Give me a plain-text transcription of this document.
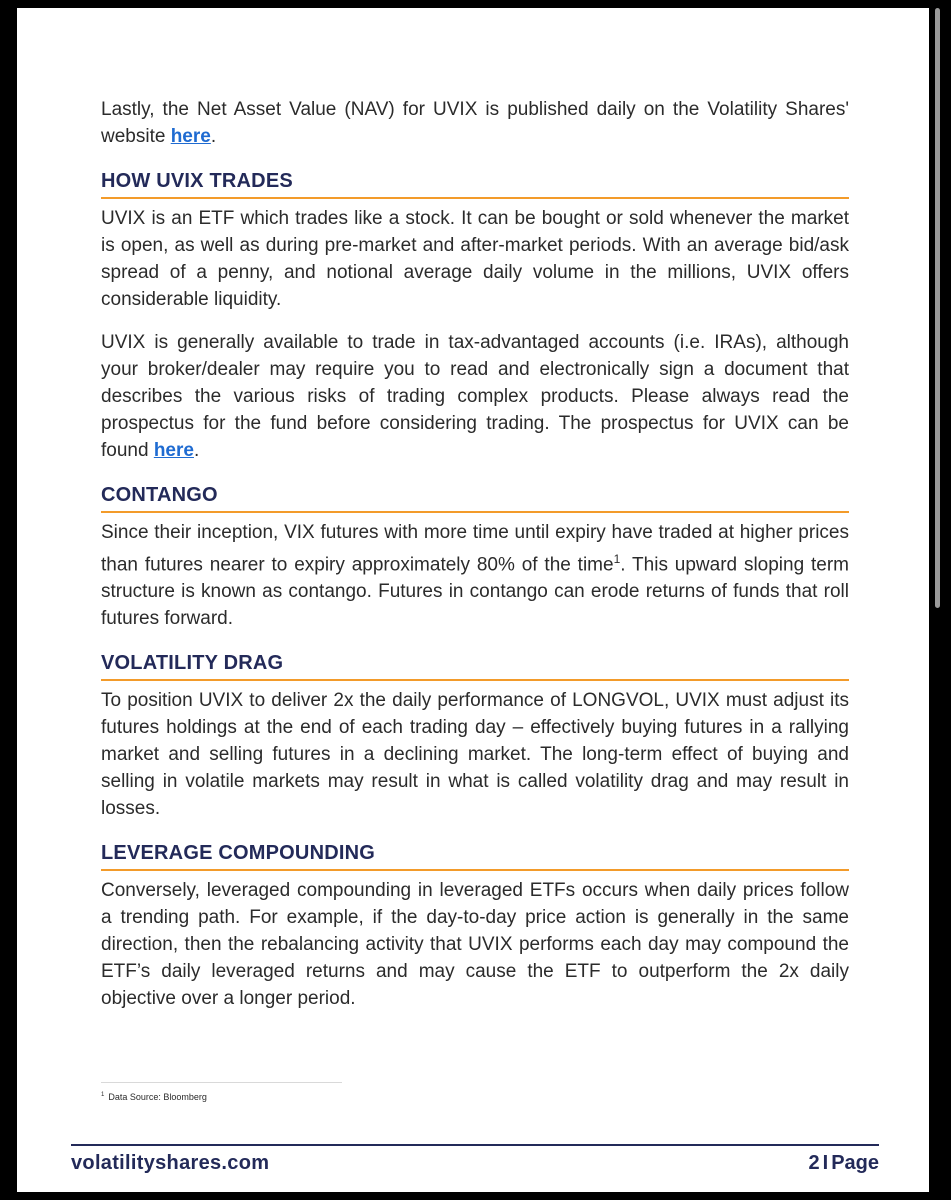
Lastly, the Net Asset Value (NAV) for UVIX is published daily on the Volatility Shares' website here.

HOW UVIX TRADES

UVIX is an ETF which trades like a stock. It can be bought or sold whenever the market is open, as well as during pre-market and after-market periods. With an average bid/ask spread of a penny, and notional average daily volume in the millions, UVIX offers considerable liquidity.

UVIX is generally available to trade in tax-advantaged accounts (i.e. IRAs), although your broker/dealer may require you to read and electronically sign a document that describes the various risks of trading complex products. Please always read the prospectus for the fund before considering trading. The prospectus for UVIX can be found here.

CONTANGO

Since their inception, VIX futures with more time until expiry have traded at higher prices than futures nearer to expiry approximately 80% of the time$^1$. This upward sloping term structure is known as contango. Futures in contango can erode returns of funds that roll futures forward.

VOLATILITY DRAG

To position UVIX to deliver 2x the daily performance of LONGVOL, UVIX must adjust its futures holdings at the end of each trading day – effectively buying futures in a rallying market and selling futures in a declining market. The long-term effect of buying and selling in volatile markets may result in what is called volatility drag and may result in losses.

LEVERAGE COMPOUNDING

Conversely, leveraged compounding in leveraged ETFs occurs when daily prices follow a trending path. For example, if the day-to-day price action is generally in the same direction, then the rebalancing activity that UVIX performs each day may compound the ETF’s daily leveraged returns and may cause the ETF to outperform the 2x daily objective over a longer period.

$^1$ Data Source: Bloomberg
volatilityshares.com	2 I Page
